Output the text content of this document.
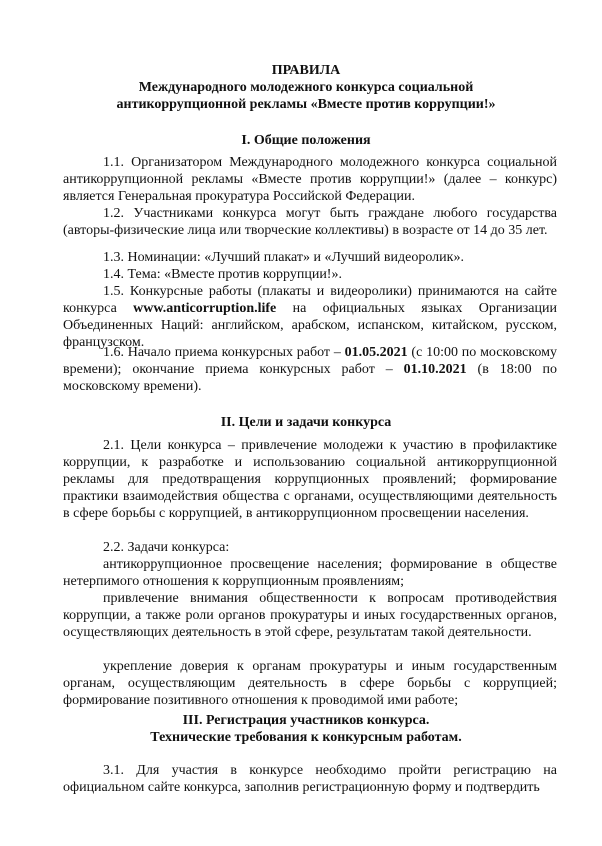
ПРАВИЛА
Международного молодежного конкурса социальной
антикоррупционной рекламы «Вместе против коррупции!»
I. Общие положения

1.1. Организатором Международного молодежного конкурса социальной антикоррупционной рекламы «Вместе против коррупции!» (далее – конкурс) является Генеральная прокуратура Российской Федерации.

1.2. Участниками конкурса могут быть граждане любого государства (авторы-физические лица или творческие коллективы) в возрасте от 14 до 35 лет.

1.3. Номинации: «Лучший плакат» и «Лучший видеоролик».

1.4. Тема: «Вместе против коррупции!».

1.5. Конкурсные работы (плакаты и видеоролики) принимаются на сайте конкурса www.anticorruption.life на официальных языках Организации Объединенных Наций: английском, арабском, испанском, китайском, русском, французском.

1.6. Начало приема конкурсных работ – 01.05.2021 (с 10:00 по московскому времени); окончание приема конкурсных работ – 01.10.2021 (в 18:00 по московскому времени).

II. Цели и задачи конкурса

2.1. Цели конкурса – привлечение молодежи к участию в профилактике коррупции, к разработке и использованию социальной антикоррупционной рекламы для предотвращения коррупционных проявлений; формирование практики взаимодействия общества с органами, осуществляющими деятельность в сфере борьбы с коррупцией, в антикоррупционном просвещении населения.

2.2. Задачи конкурса:

антикоррупционное просвещение населения; формирование в обществе нетерпимого отношения к коррупционным проявлениям;

привлечение внимания общественности к вопросам противодействия коррупции, а также роли органов прокуратуры и иных государственных органов, осуществляющих деятельность в этой сфере, результатам такой деятельности.

укрепление доверия к органам прокуратуры и иным государственным органам, осуществляющим деятельность в сфере борьбы с коррупцией; формирование позитивного отношения к проводимой ими работе;

III. Регистрация участников конкурса.
Технические требования к конкурсным работам.

3.1. Для участия в конкурсе необходимо пройти регистрацию на официальном сайте конкурса, заполнив регистрационную форму и подтвердить
